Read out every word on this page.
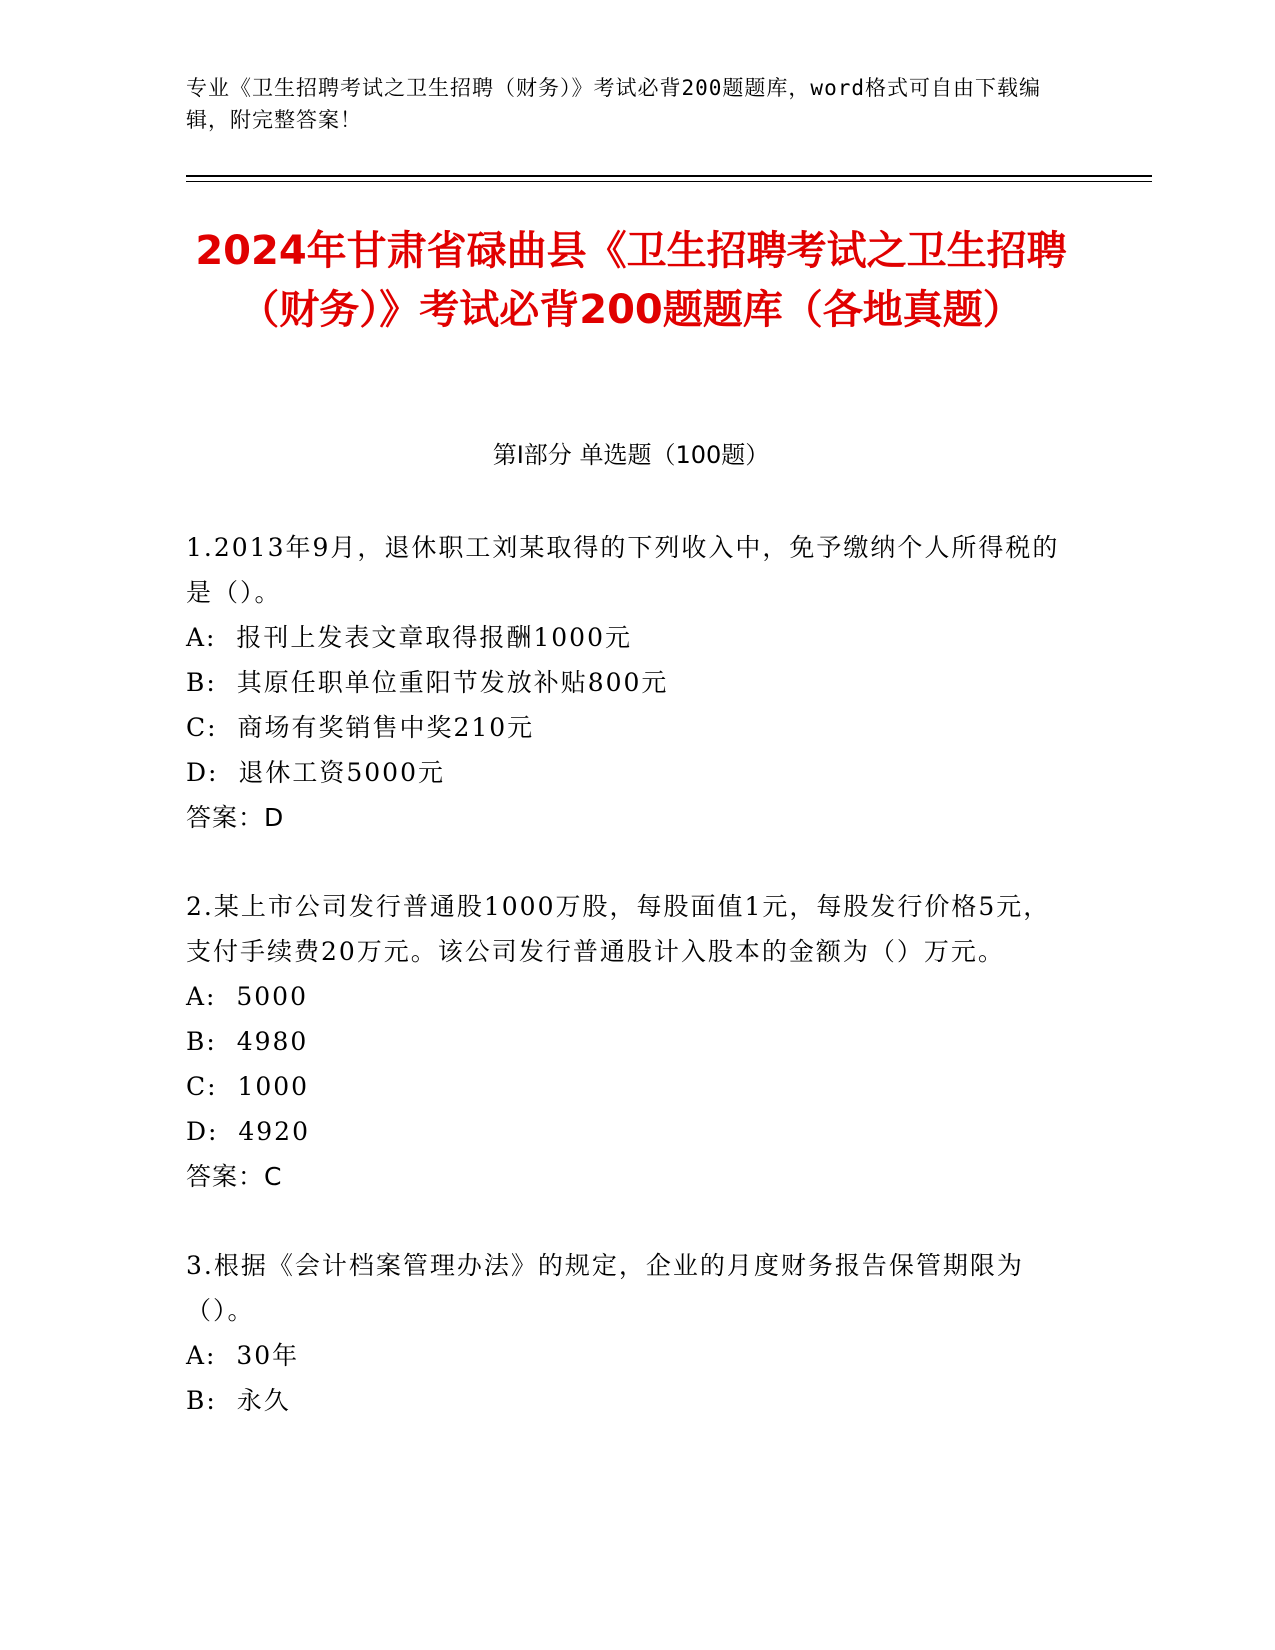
专业《卫生招聘考试之卫生招聘（财务）》考试必背200题题库，word格式可自由下载编辑，附完整答案！
2024年甘肃省碌曲县《卫生招聘考试之卫生招聘（财务）》考试必背200题题库（各地真题）
第Ⅰ部分 单选题（100题）
1.2013年9月，退休职工刘某取得的下列收入中，免予缴纳个人所得税的是（）。
A:  报刊上发表文章取得报酬1000元
B:  其原任职单位重阳节发放补贴800元
C:  商场有奖销售中奖210元
D:  退休工资5000元
答案：D
2.某上市公司发行普通股1000万股，每股面值1元，每股发行价格5元，支付手续费20万元。该公司发行普通股计入股本的金额为（）万元。
A:  5000
B:  4980
C:  1000
D:  4920
答案：C
3.根据《会计档案管理办法》的规定，企业的月度财务报告保管期限为（）。
A:  30年
B:  永久
